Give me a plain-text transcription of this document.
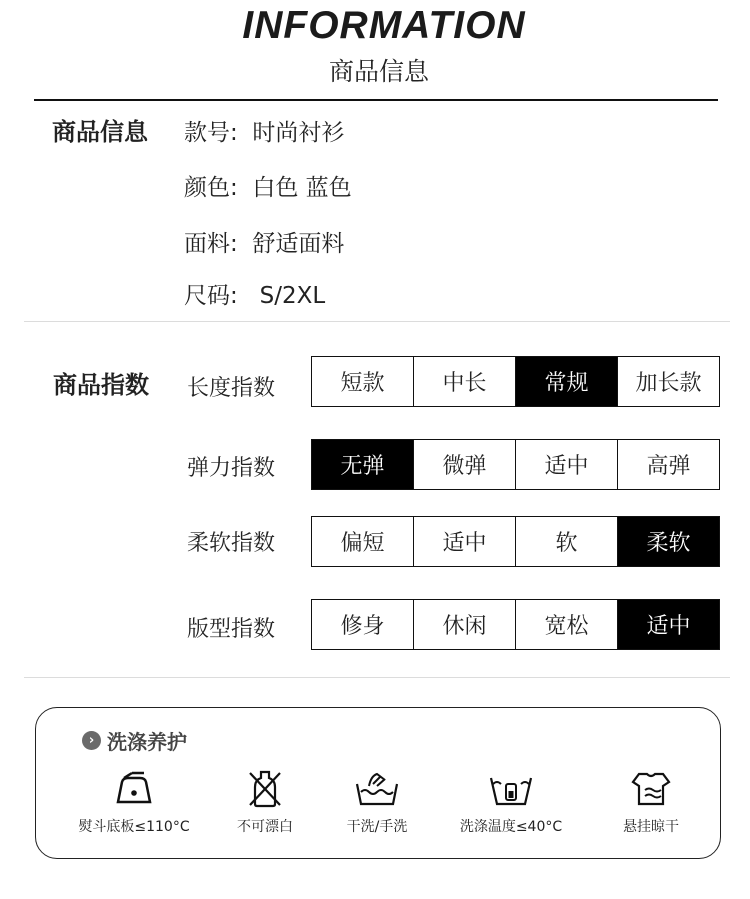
INFORMATION
商品信息
商品信息 款号:  时尚衬衫
颜色:  白色 蓝色
面料:  舒适面料
尺码:   S/2XL
商品指数 长度指数	短款	中长	常规	加长款
弹力指数	无弹	微弹	适中	高弹
柔软指数	偏短	适中	软	柔软
版型指数	修身	休闲	宽松	适中
› 洗涤养护
熨斗底板≤110°C	不可漂白	干洗/手洗	洗涤温度≤40°C	悬挂晾干
